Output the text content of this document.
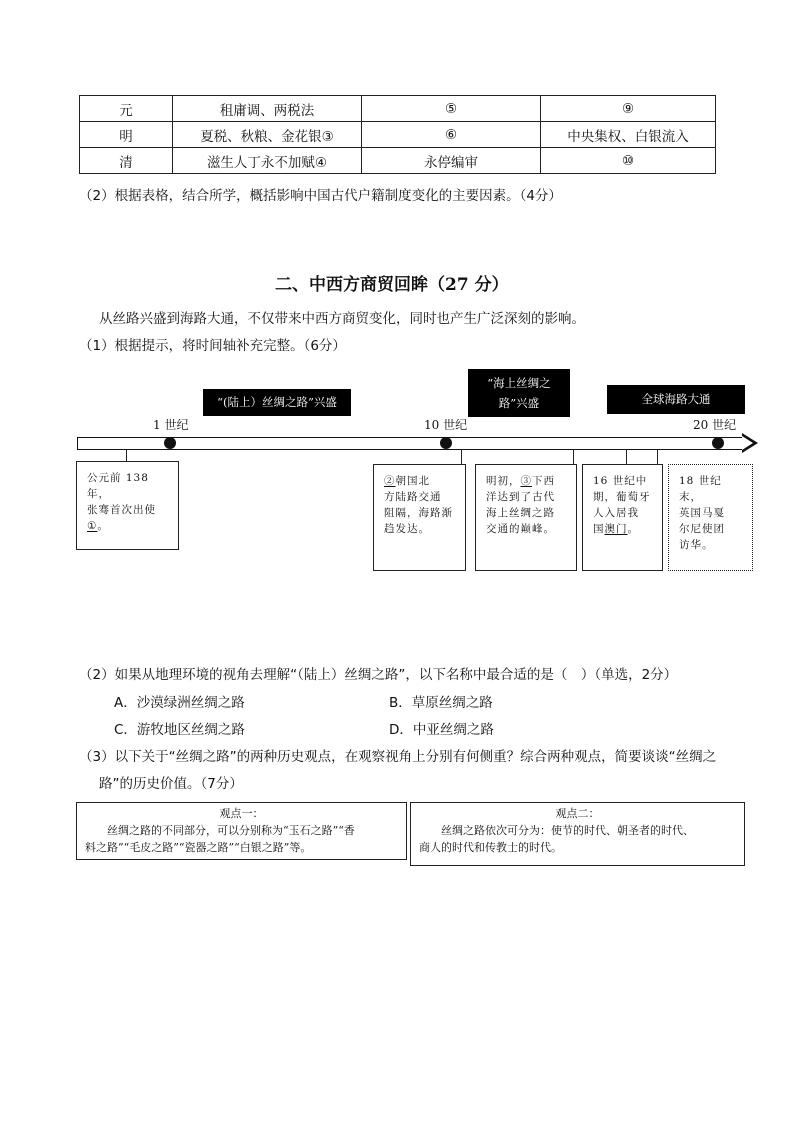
元	租庸调、两税法	⑤	⑨
明	夏税、秋粮、金花银③	⑥	中央集权、白银流入
清	滋生人丁永不加赋④	永停编审	⑩
（2）根据表格，结合所学，概括影响中国古代户籍制度变化的主要因素。（4分）
二、中西方商贸回眸（27 分）
从丝路兴盛到海路大通，不仅带来中西方商贸变化，同时也产生广泛深刻的影响。
（1）根据提示，将时间轴补充完整。（6分）
“(陆上）丝绸之路”兴盛
“海上丝绸之
路”兴盛	全球海路大通
1 世纪	10 世纪	20 世纪
公元前 138 年，
张骞首次出使
①。
②朝国北
方陆路交通
阻隔，海路渐
趋发达。
明初，③下西
洋达到了古代
海上丝绸之路
交通的巅峰。
16 世纪中
期，葡萄牙
人入居我
国澳门。
18 世纪末，
英国马戛
尔尼使团
访华。
（2）如果从地理环境的视角去理解“（陆上）丝绸之路”，以下名称中最合适的是（　）（单选，2分）
A．沙漠绿洲丝绸之路	B．草原丝绸之路
C．游牧地区丝绸之路	D．中亚丝绸之路
（3）以下关于“丝绸之路”的两种历史观点，在观察视角上分别有何侧重？综合两种观点，简要谈谈“丝绸之
路”的历史价值。（7分）
观点一：
丝绸之路的不同部分，可以分别称为“玉石之路”“香
料之路”“毛皮之路”“瓷器之路”“白银之路”等。
观点二：
丝绸之路依次可分为：使节的时代、朝圣者的时代、
商人的时代和传教士的时代。
